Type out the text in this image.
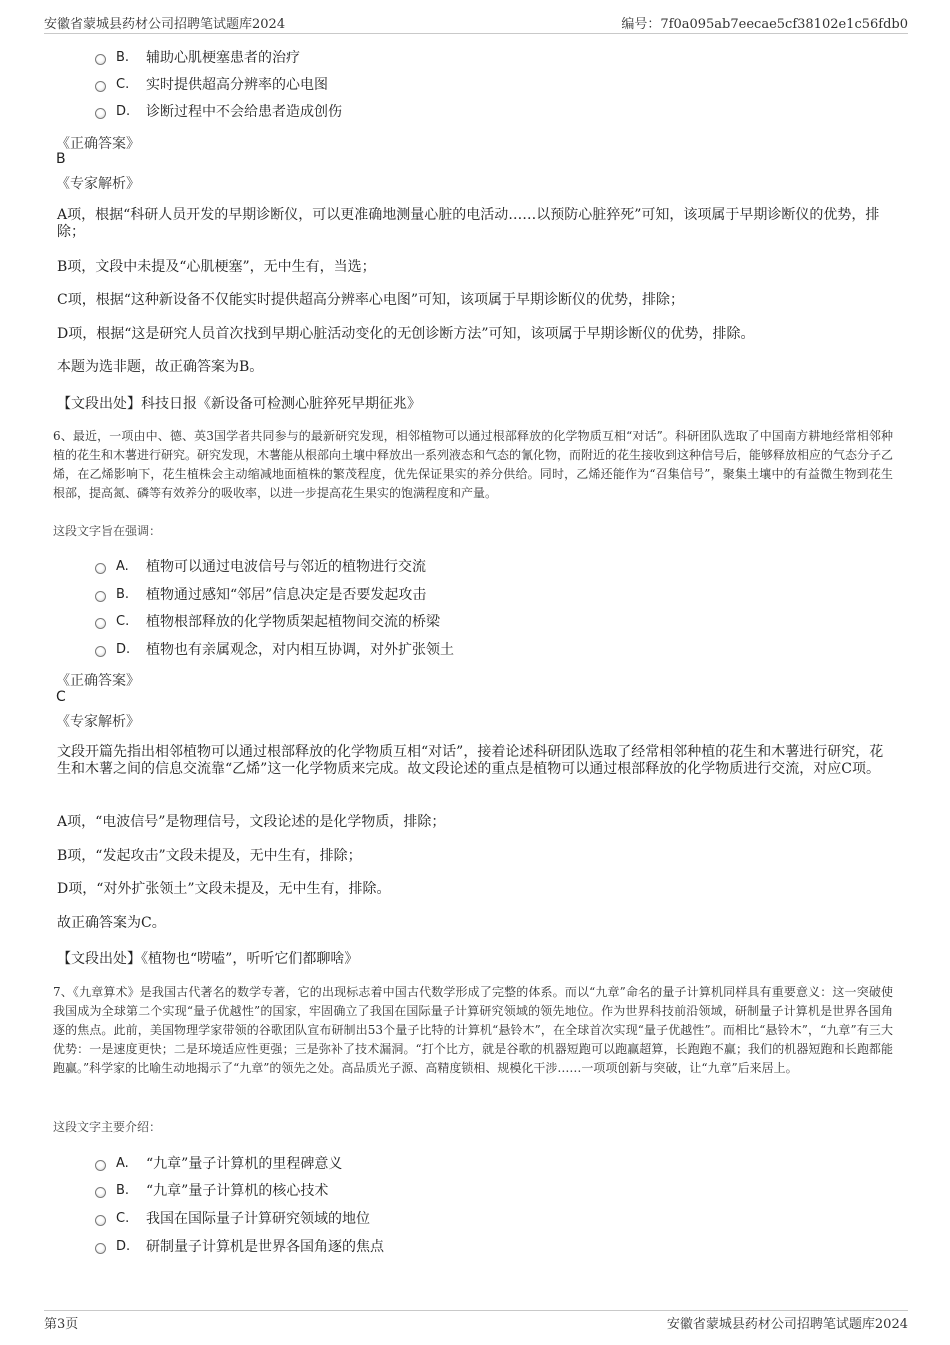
安徽省蒙城县药材公司招聘笔试题库2024	编号：7f0a095ab7eecae5cf38102e1c56fdb0
B.	辅助心肌梗塞患者的治疗
C.	实时提供超高分辨率的心电图
D.	诊断过程中不会给患者造成创伤
《正确答案》
B
《专家解析》
A项，根据“科研人员开发的早期诊断仪，可以更准确地测量心脏的电活动……以预防心脏猝死”可知，该项属于早期诊断仪的优势，排除；
B项，文段中未提及“心肌梗塞”，无中生有，当选；
C项，根据“这种新设备不仅能实时提供超高分辨率心电图”可知，该项属于早期诊断仪的优势，排除；
D项，根据“这是研究人员首次找到早期心脏活动变化的无创诊断方法”可知，该项属于早期诊断仪的优势，排除。
本题为选非题，故正确答案为B。
【文段出处】科技日报《新设备可检测心脏猝死早期征兆》
6、最近，一项由中、德、英3国学者共同参与的最新研究发现，相邻植物可以通过根部释放的化学物质互相“对话”。科研团队选取了中国南方耕地经常相邻种植的花生和木薯进行研究。研究发现，木薯能从根部向土壤中释放出一系列液态和气态的氰化物，而附近的花生接收到这种信号后，能够释放相应的气态分子乙烯，在乙烯影响下，花生植株会主动缩减地面植株的繁茂程度，优先保证果实的养分供给。同时，乙烯还能作为“召集信号”，聚集土壤中的有益微生物到花生根部，提高氮、磷等有效养分的吸收率，以进一步提高花生果实的饱满程度和产量。
这段文字旨在强调：
A.	植物可以通过电波信号与邻近的植物进行交流
B.	植物通过感知“邻居”信息决定是否要发起攻击
C.	植物根部释放的化学物质架起植物间交流的桥梁
D.	植物也有亲属观念，对内相互协调，对外扩张领土
《正确答案》
C
《专家解析》
文段开篇先指出相邻植物可以通过根部释放的化学物质互相“对话”，接着论述科研团队选取了经常相邻种植的花生和木薯进行研究，花生和木薯之间的信息交流靠“乙烯”这一化学物质来完成。故文段论述的重点是植物可以通过根部释放的化学物质进行交流，对应C项。
A项，“电波信号”是物理信号，文段论述的是化学物质，排除；
B项，“发起攻击”文段未提及，无中生有，排除；
D项，“对外扩张领土”文段未提及，无中生有，排除。
故正确答案为C。
【文段出处】《植物也“唠嗑”，听听它们都聊啥》
7、《九章算术》是我国古代著名的数学专著，它的出现标志着中国古代数学形成了完整的体系。而以“九章”命名的量子计算机同样具有重要意义：这一突破使我国成为全球第二个实现“量子优越性”的国家，牢固确立了我国在国际量子计算研究领域的领先地位。作为世界科技前沿领域，研制量子计算机是世界各国角逐的焦点。此前，美国物理学家带领的谷歌团队宣布研制出53个量子比特的计算机“悬铃木”，在全球首次实现“量子优越性”。而相比“悬铃木”，“九章”有三大优势：一是速度更快；二是环境适应性更强；三是弥补了技术漏洞。“打个比方，就是谷歌的机器短跑可以跑赢超算，长跑跑不赢；我们的机器短跑和长跑都能跑赢。”科学家的比喻生动地揭示了“九章”的领先之处。高品质光子源、高精度锁相、规模化干涉……一项项创新与突破，让“九章”后来居上。
这段文字主要介绍：
A.	“九章”量子计算机的里程碑意义
B.	“九章”量子计算机的核心技术
C.	我国在国际量子计算研究领域的地位
D.	研制量子计算机是世界各国角逐的焦点
第3页	安徽省蒙城县药材公司招聘笔试题库2024
